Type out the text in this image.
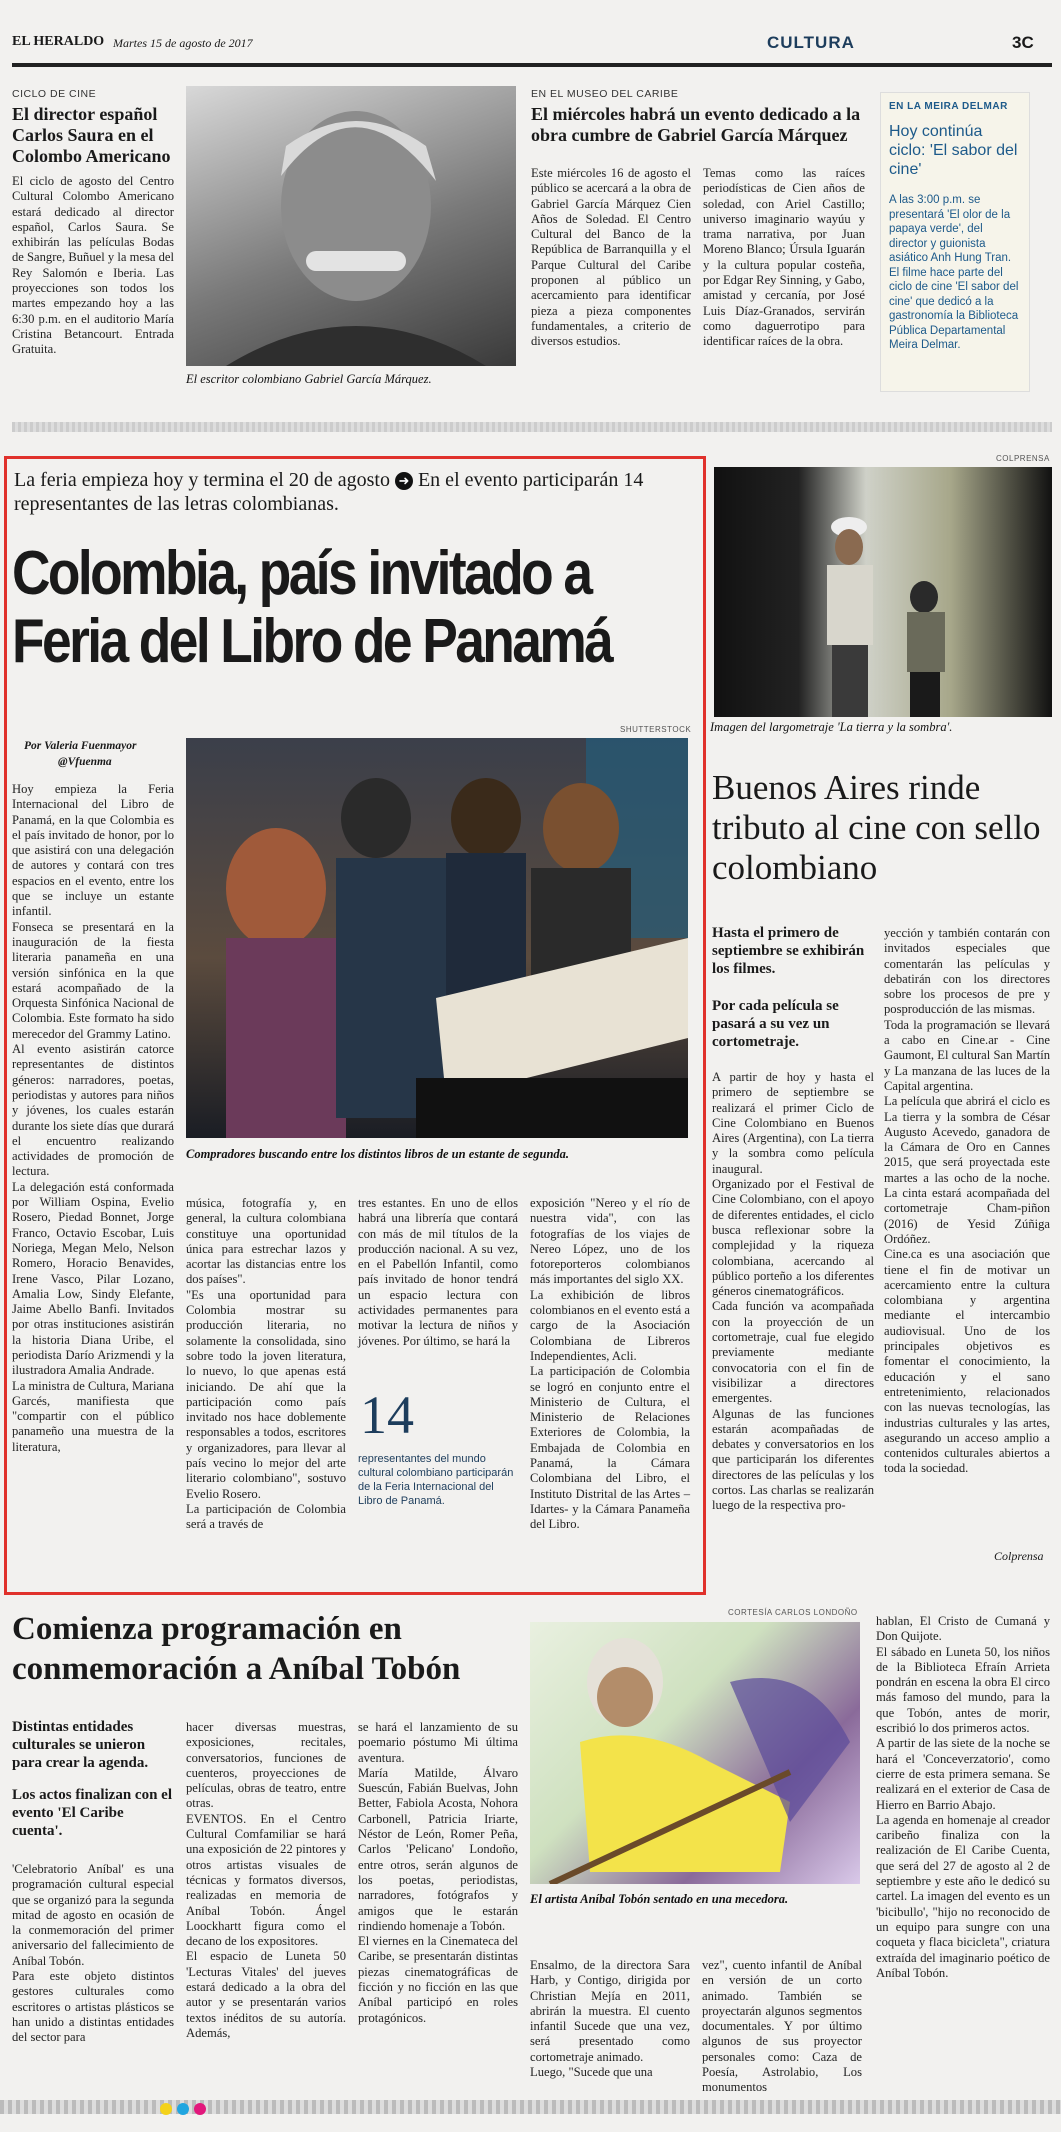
EL HERALDO Martes 15 de agosto de 2017	CULTURA	3C
CICLO DE CINE
El director español Carlos Saura en el Colombo Americano
El ciclo de agosto del Centro Cultural Colombo Americano estará dedicado al director español, Carlos Saura. Se exhibirán las películas Bodas de Sangre, Buñuel y la mesa del Rey Salomón e Iberia. Las proyecciones son todos los martes empezando hoy a las 6:30 p.m. en el auditorio María Cristina Betancourt. Entrada Gratuita.
El escritor colombiano Gabriel García Márquez.
EN EL MUSEO DEL CARIBE
El miércoles habrá un evento dedicado a la obra cumbre de Gabriel García Márquez
Este miércoles 16 de agosto el público se acercará a la obra de Gabriel García Márquez Cien Años de Soledad. El Centro Cultural del Banco de la República de Barranquilla y el Parque Cultural del Caribe proponen al público un acercamiento para identificar pieza a pieza componentes fundamentales, a criterio de diversos estudios.
Temas como las raíces periodísticas de Cien años de soledad, con Ariel Castillo; universo imaginario wayúu y trama narrativa, por Juan Moreno Blanco; Úrsula Iguarán y la cultura popular costeña, por Edgar Rey Sinning, y Gabo, amistad y cercanía, por José Luis Díaz-Granados, servirán como daguerrotipo para identificar raíces de la obra.
EN LA MEIRA DELMAR
Hoy continúa ciclo: 'El sabor del cine'
A las 3:00 p.m. se presentará 'El olor de la papaya verde', del director y guionista asiático Anh Hung Tran. El filme hace parte del ciclo de cine 'El sabor del cine' que dedicó a la gastronomía la Biblioteca Pública Departamental Meira Delmar.
La feria empieza hoy y termina el 20 de agosto ➜ En el evento participarán 14 representantes de las letras colombianas.
Colombia, país invitado a Feria del Libro de Panamá
SHUTTERSTOCK
Por Valeria Fuenmayor
@Vfuenma
Compradores buscando entre los distintos libros de un estante de segunda.
Hoy empieza la Feria Internacional del Libro de Panamá, en la que Colombia es el país invitado de honor, por lo que asistirá con una delegación de autores y contará con tres espacios en el evento, entre los que se incluye un estante infantil.
Fonseca se presentará en la inauguración de la fiesta literaria panameña en una versión sinfónica en la que estará acompañado de la Orquesta Sinfónica Nacional de Colombia. Este formato ha sido merecedor del Grammy Latino.
Al evento asistirán catorce representantes de distintos géneros: narradores, poetas, periodistas y autores para niños y jóvenes, los cuales estarán durante los siete días que durará el encuentro realizando actividades de promoción de lectura.
La delegación está conformada por William Ospina, Evelio Rosero, Piedad Bonnet, Jorge Franco, Octavio Escobar, Luis Noriega, Megan Melo, Nelson Romero, Horacio Benavides, Irene Vasco, Pilar Lozano, Amalia Low, Sindy Elefante, Jaime Abello Banfi. Invitados por otras instituciones asistirán la historia Diana Uribe, el periodista Darío Arizmendi y la ilustradora Amalia Andrade.
La ministra de Cultura, Mariana Garcés, manifiesta que "compartir con el público panameño una muestra de la literatura,
música, fotografía y, en general, la cultura colombiana constituye una oportunidad única para estrechar lazos y acortar las distancias entre los dos países".
"Es una oportunidad para Colombia mostrar su producción literaria, no solamente la consolidada, sino sobre todo la joven literatura, lo nuevo, lo que apenas está iniciando. De ahí que la participación como país invitado nos hace doblemente responsables a todos, escritores y organizadores, para llevar al país vecino lo mejor del arte literario colombiano", sostuvo Evelio Rosero.
La participación de Colombia será a través de
tres estantes. En uno de ellos habrá una librería que contará con más de mil títulos de la producción nacional. A su vez, en el Pabellón Infantil, como país invitado de honor tendrá un espacio lectura con actividades permanentes para motivar la lectura de niños y jóvenes. Por último, se hará la
14
representantes del mundo cultural colombiano participarán de la Feria Internacional del Libro de Panamá.
exposición "Nereo y el río de nuestra vida", con las fotografías de los viajes de Nereo López, uno de los fotoreporteros colombianos más importantes del siglo XX.
La exhibición de libros colombianos en el evento está a cargo de la Asociación Colombiana de Libreros Independientes, Acli.
La participación de Colombia se logró en conjunto entre el Ministerio de Cultura, el Ministerio de Relaciones Exteriores de Colombia, la Embajada de Colombia en Panamá, la Cámara Colombiana del Libro, el Instituto Distrital de las Artes –Idartes- y la Cámara Panameña del Libro.
COLPRENSA
Imagen del largometraje 'La tierra y la sombra'.
Buenos Aires rinde tributo al cine con sello colombiano
Hasta el primero de septiembre se exhibirán los filmes.
Por cada película se pasará a su vez un cortometraje.
A partir de hoy y hasta el primero de septiembre se realizará el primer Ciclo de Cine Colombiano en Buenos Aires (Argentina), con La tierra y la sombra como película inaugural.
Organizado por el Festival de Cine Colombiano, con el apoyo de diferentes entidades, el ciclo busca reflexionar sobre la complejidad y la riqueza colombiana, acercando al público porteño a los diferentes géneros cinematográficos.
Cada función va acompañada con la proyección de un cortometraje, cual fue elegido previamente mediante convocatoria con el fin de visibilizar a directores emergentes.
Algunas de las funciones estarán acompañadas de debates y conversatorios en los que participarán los diferentes directores de las películas y los cortos. Las charlas se realizarán luego de la respectiva pro-
yección y también contarán con invitados especiales que comentarán las películas y debatirán con los directores sobre los procesos de pre y posproducción de las mismas.
Toda la programación se llevará a cabo en Cine.ar - Cine Gaumont, El cultural San Martín y La manzana de las luces de la Capital argentina.
La película que abrirá el ciclo es La tierra y la sombra de César Augusto Acevedo, ganadora de la Cámara de Oro en Cannes 2015, que será proyectada este martes a las ocho de la noche. La cinta estará acompañada del cortometraje Cham-piñon (2016) de Yesid Zúñiga Ordóñez.
Cine.ca es una asociación que tiene el fin de motivar un acercamiento entre la cultura colombiana y argentina mediante el intercambio audiovisual. Uno de los principales objetivos es fomentar el conocimiento, la educación y el sano entretenimiento, relacionados con las nuevas tecnologías, las industrias culturales y las artes, asegurando un acceso amplio a contenidos culturales abiertos a toda la sociedad.
Colprensa
Comienza programación en conmemoración a Aníbal Tobón
Distintas entidades culturales se unieron para crear la agenda.
Los actos finalizan con el evento 'El Caribe cuenta'.
'Celebratorio Aníbal' es una programación cultural especial que se organizó para la segunda mitad de agosto en ocasión de la conmemoración del primer aniversario del fallecimiento de Aníbal Tobón.
Para este objeto distintos gestores culturales como escritores o artistas plásticos se han unido a distintas entidades del sector para
hacer diversas muestras, exposiciones, recitales, conversatorios, funciones de cuenteros, proyecciones de películas, obras de teatro, entre otras.
EVENTOS. En el Centro Cultural Comfamiliar se hará una exposición de 22 pintores y otros artistas visuales de técnicas y formatos diversos, realizadas en memoria de Aníbal Tobón. Ángel Loockhartt figura como el decano de los expositores.
El espacio de Luneta 50 'Lecturas Vitales' del jueves estará dedicado a la obra del autor y se presentarán varios textos inéditos de su autoría. Además,
se hará el lanzamiento de su poemario póstumo Mi última aventura.
María Matilde, Álvaro Suescún, Fabián Buelvas, John Better, Fabiola Acosta, Nohora Carbonell, Patricia Iriarte, Néstor de León, Romer Peña, Carlos 'Pelicano' Londoño, entre otros, serán algunos de los poetas, periodistas, narradores, fotógrafos y amigos que le estarán rindiendo homenaje a Tobón.
El viernes en la Cinemateca del Caribe, se presentarán distintas piezas cinematográficas de ficción y no ficción en las que Aníbal participó en roles protagónicos.
CORTESÍA CARLOS LONDOÑO
El artista Aníbal Tobón sentado en una mecedora.
Ensalmo, de la directora Sara Harb, y Contigo, dirigida por Christian Mejía en 2011, abrirán la muestra. El cuento infantil Sucede que una vez, será presentado como cortometraje animado.
Luego, "Sucede que una
vez", cuento infantil de Aníbal en versión de un corto animado. También se proyectarán algunos segmentos documentales. Y por último algunos de sus proyector personales como: Caza de Poesía, Astrolabio, Los monumentos
hablan, El Cristo de Cumaná y Don Quijote.
El sábado en Luneta 50, los niños de la Biblioteca Efraín Arrieta pondrán en escena la obra El circo más famoso del mundo, para la que Tobón, antes de morir, escribió lo dos primeros actos.
A partir de las siete de la noche se hará el 'Conceverzatorio', como cierre de esta primera semana. Se realizará en el exterior de Casa de Hierro en Barrio Abajo.
La agenda en homenaje al creador caribeño finaliza con la realización de El Caribe Cuenta, que será del 27 de agosto al 2 de septiembre y este año le dedicó su cartel. La imagen del evento es un 'bicibullo', "hijo no reconocido de un equipo para sungre con una coqueta y flaca bicicleta", criatura extraída del imaginario poético de Aníbal Tobón.
